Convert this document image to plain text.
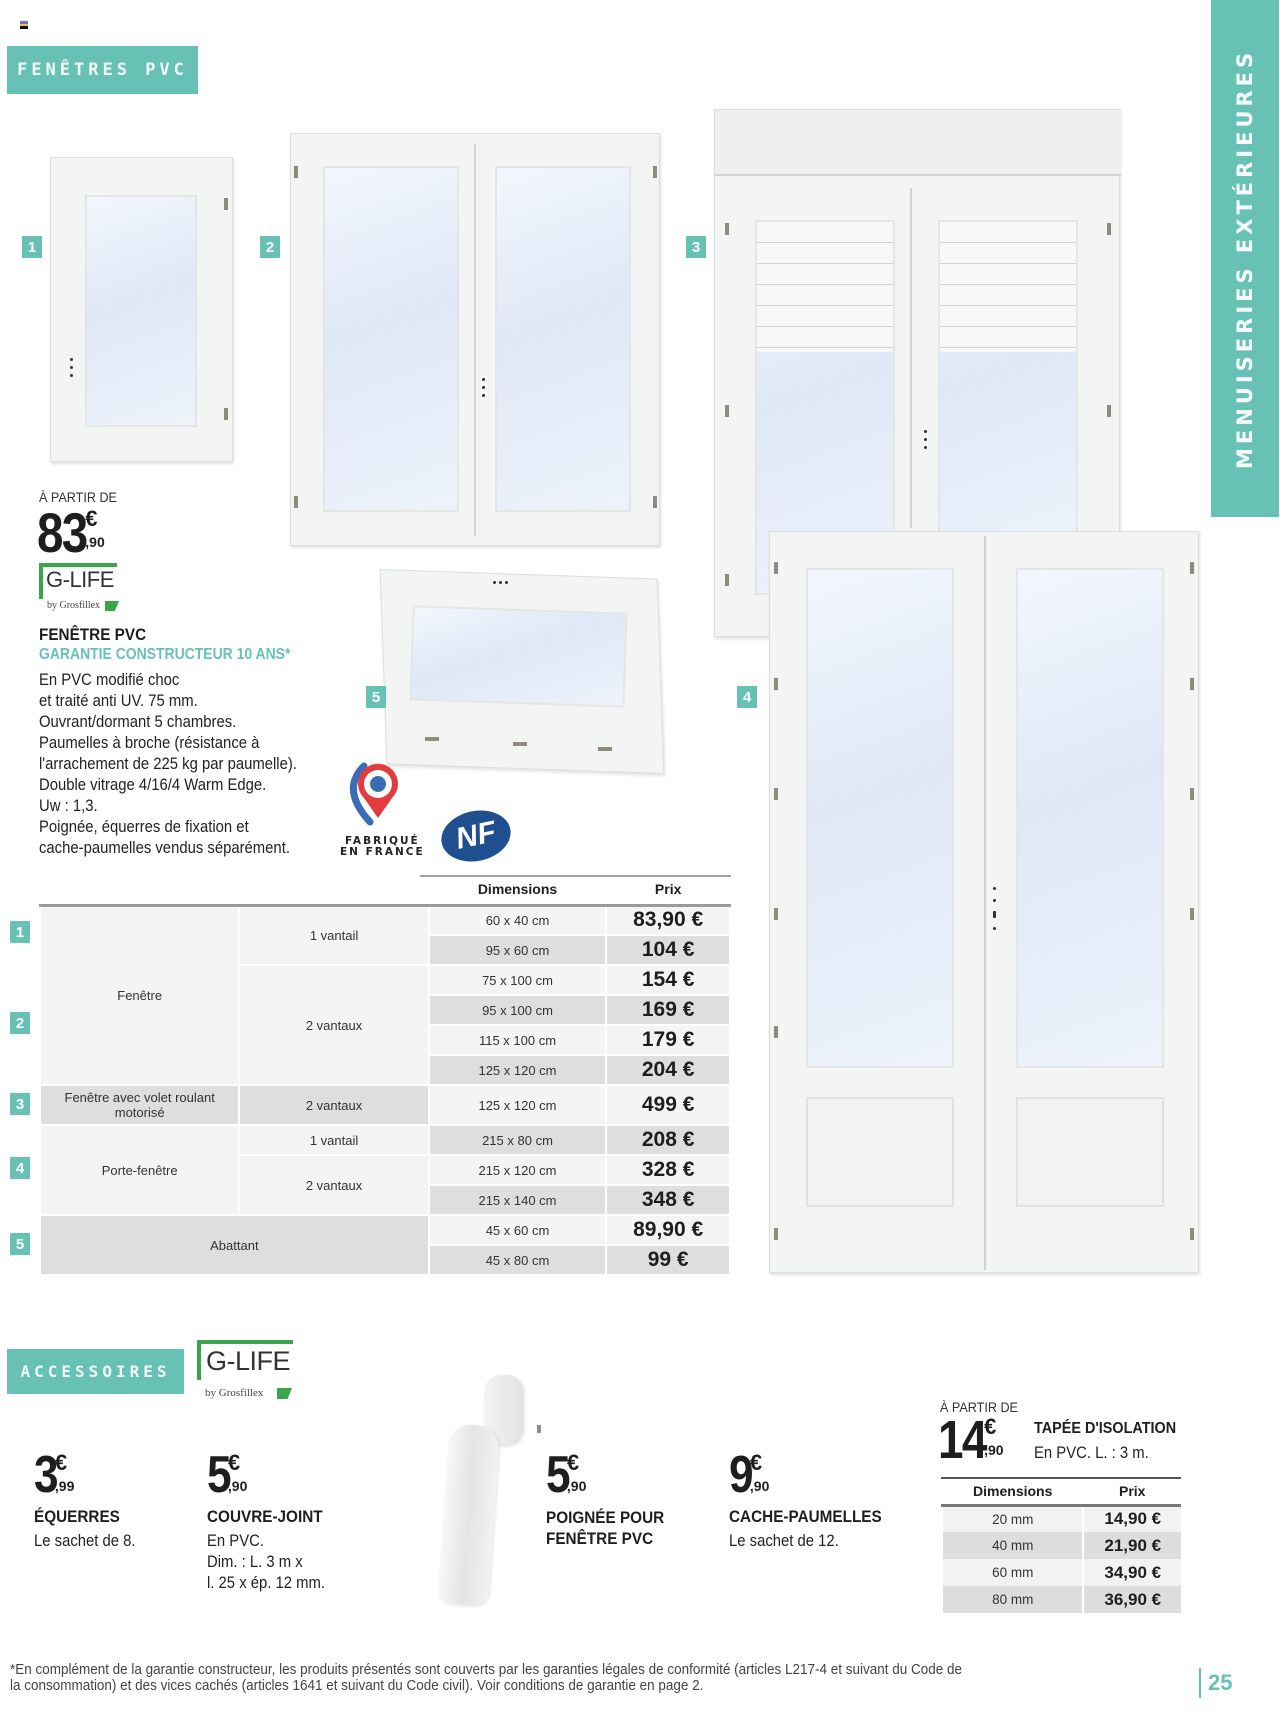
FENÊTRES PVC	MENUISERIES EXTÉRIEURES
1	2	3
5	4
À PARTIR DE
83
€
,90
G-LIFE
by Grosfillex
FENÊTRE PVC
GARANTIE CONSTRUCTEUR 10 ANS*
En PVC modifié choc
et traité anti UV. 75 mm.
Ouvrant/dormant 5 chambres.
Paumelles à broche (résistance à
l'arrachement de 225 kg par paumelle).
Double vitrage 4/16/4 Warm Edge.
Uw : 1,3.
Poignée, équerres de fixation et
cache-paumelles vendus séparément.	FABRIQUÉ
EN FRANCE NF
1
2
3
4
5
		Dimensions	Prix
Fenêtre	1 vantail	60 x 40 cm	83,90 €
		95 x 60 cm	104 €
	2 vantaux	75 x 100 cm	154 €
		95 x 100 cm	169 €
		115 x 100 cm	179 €
		125 x 120 cm	204 €

Fenêtre avec volet roulant
motorisé	2 vantaux	125 x 120 cm	499 €
Porte-fenêtre	1 vantail	215 x 80 cm	208 €
	2 vantaux	215 x 120 cm	328 €
		215 x 140 cm	348 €
Abattant		45 x 60 cm	89,90 €
		45 x 80 cm	99 €
ACCESSOIRES	G-LIFE
by Grosfillex
3
€
,99
ÉQUERRES
Le sachet de 8.
5
€
,90
COUVRE-JOINT
En PVC.
Dim. : L. 3 m x
l. 25 x ép. 12 mm.
5
€
,90
POIGNÉE POUR
FENÊTRE PVC
9
€
,90
CACHE-PAUMELLES
Le sachet de 12.
À PARTIR DE
14
€
,90
TAPÉE D'ISOLATION
En PVC. L. : 3 m.
Dimensions	Prix
20 mm	14,90 €
40 mm	21,90 €
60 mm	34,90 €
80 mm	36,90 €
*En complément de la garantie constructeur, les produits présentés sont couverts par les garanties légales de conformité (articles L217-4 et suivant du Code de
la consommation) et des vices cachés (articles 1641 et suivant du Code civil). Voir conditions de garantie en page 2.	25
